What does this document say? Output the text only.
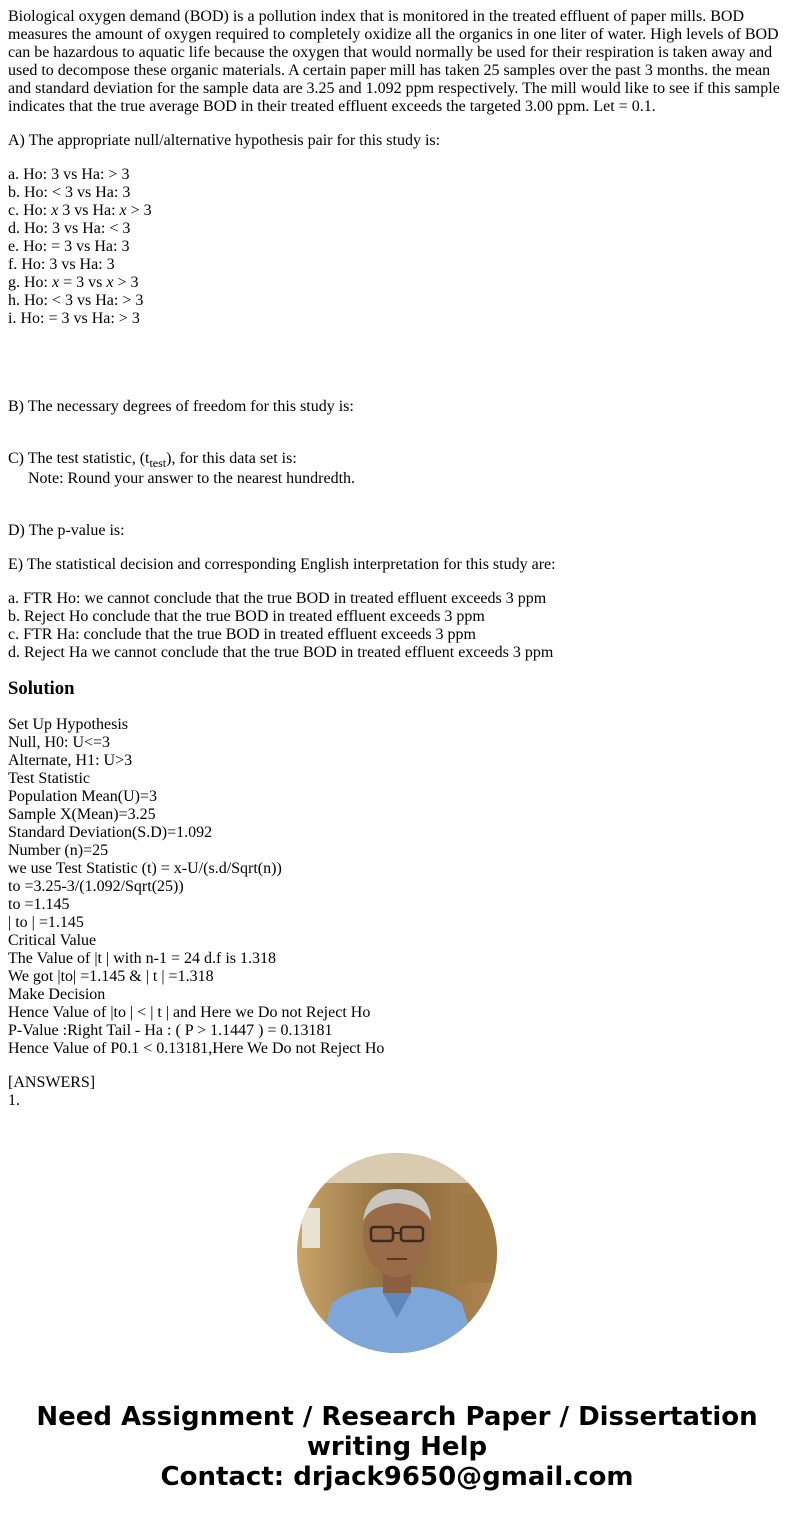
Biological oxygen demand (BOD) is a pollution index that is monitored in the treated effluent of paper mills. BOD measures the amount of oxygen required to completely oxidize all the organics in one liter of water. High levels of BOD can be hazardous to aquatic life because the oxygen that would normally be used for their respiration is taken away and used to decompose these organic materials. A certain paper mill has taken 25 samples over the past 3 months. the mean and standard deviation for the sample data are 3.25 and 1.092 ppm respectively. The mill would like to see if this sample indicates that the true average BOD in their treated effluent exceeds the targeted 3.00 ppm. Let = 0.1.

A) The appropriate null/alternative hypothesis pair for this study is:

a. Ho: 3 vs Ha: > 3
b. Ho: < 3 vs Ha: 3
c. Ho: x 3 vs Ha: x > 3
d. Ho: 3 vs Ha: < 3
e. Ho: = 3 vs Ha: 3
f. Ho: 3 vs Ha: 3
g. Ho: x = 3 vs x > 3
h. Ho: < 3 vs Ha: > 3
i. Ho: = 3 vs Ha: > 3

B) The necessary degrees of freedom for this study is:

C) The test statistic, $(t_{test})$, for this data set is:
Note: Round your answer to the nearest hundredth.

D) The p-value is:

E) The statistical decision and corresponding English interpretation for this study are:

a. FTR Ho: we cannot conclude that the true BOD in treated effluent exceeds 3 ppm
b. Reject Ho conclude that the true BOD in treated effluent exceeds 3 ppm
c. FTR Ha: conclude that the true BOD in treated effluent exceeds 3 ppm
d. Reject Ha we cannot conclude that the true BOD in treated effluent exceeds 3 ppm
Solution
Set Up Hypothesis
Null, H0: U<=3
Alternate, H1: U>3
Test Statistic
Population Mean(U)=3
Sample X(Mean)=3.25
Standard Deviation(S.D)=1.092
Number (n)=25
we use Test Statistic (t) = x-U/(s.d/Sqrt(n))
to =3.25-3/(1.092/Sqrt(25))
to =1.145
| to | =1.145
Critical Value
The Value of |t | with n-1 = 24 d.f is 1.318
We got |to| =1.145 & | t | =1.318
Make Decision
Hence Value of |to | < | t | and Here we Do not Reject Ho
P-Value :Right Tail - Ha : ( P > 1.1447 ) = 0.13181
Hence Value of P0.1 < 0.13181,Here We Do not Reject Ho
[ANSWERS]
1.
Need Assignment / Research Paper / Dissertation
writing Help
Contact: drjack9650@gmail.com
